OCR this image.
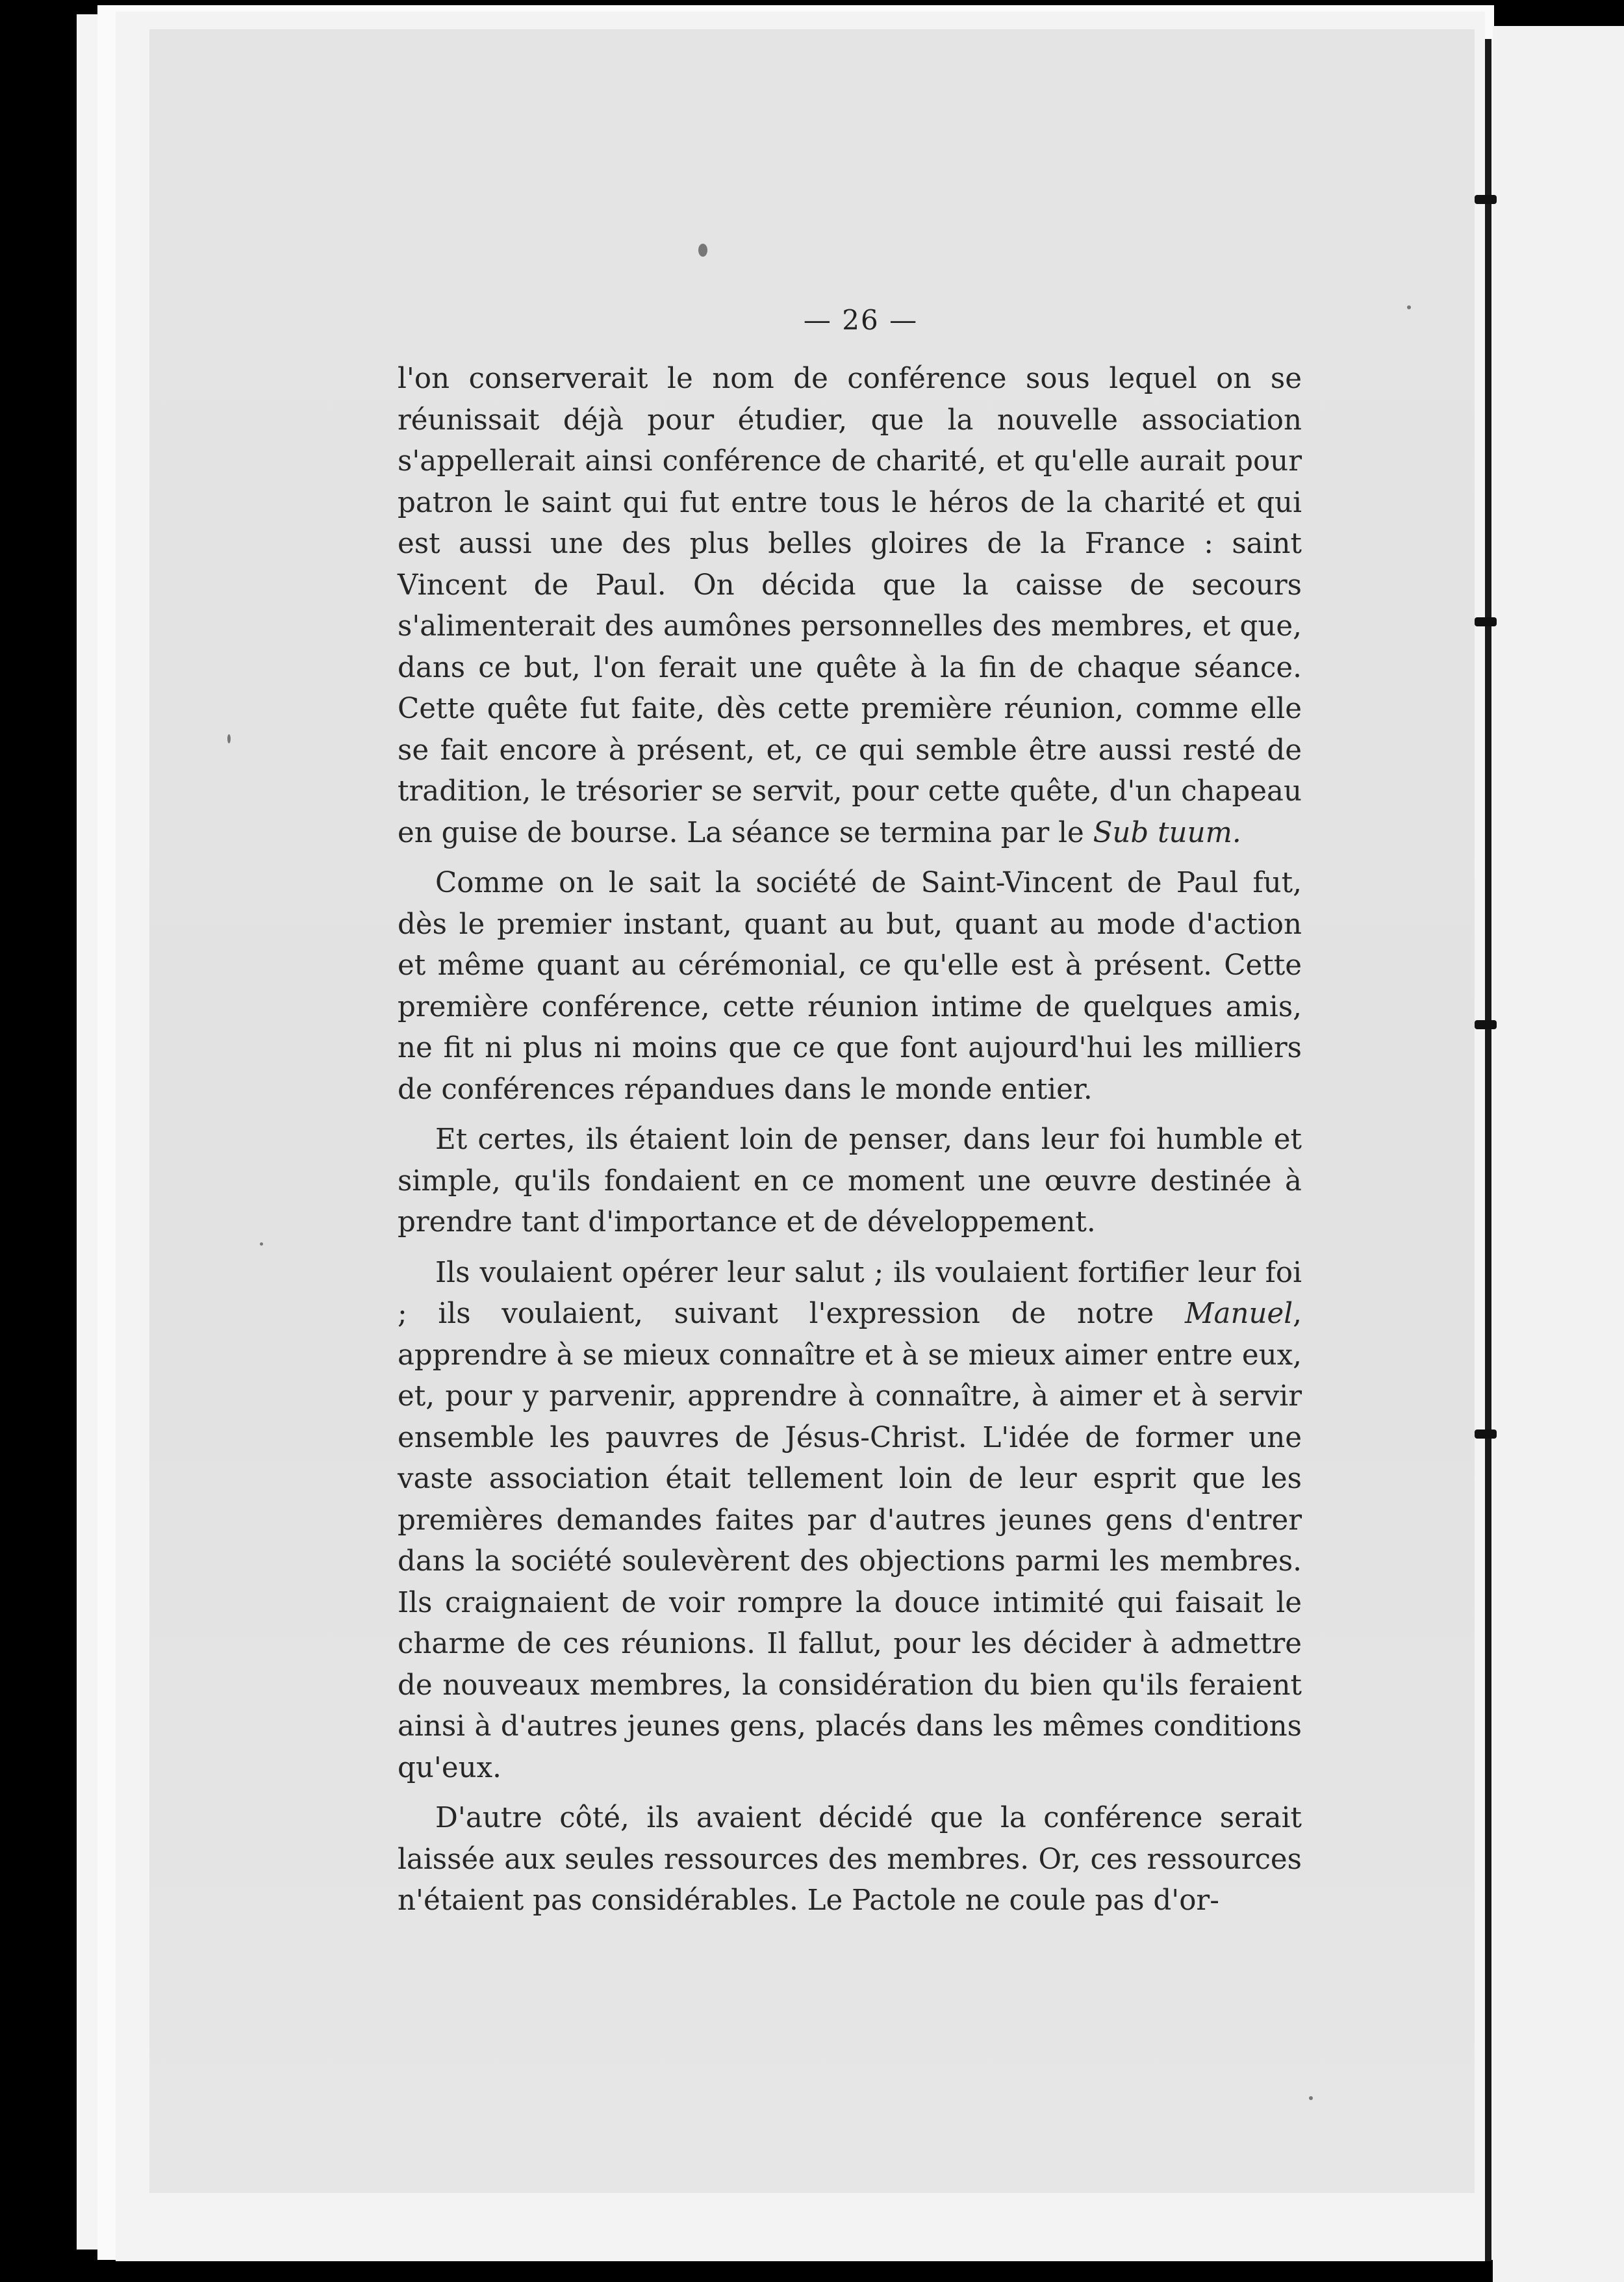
— 26 —

l'on conserverait le nom de conférence sous lequel on se réunissait déjà pour étudier, que la nouvelle association s'appellerait ainsi conférence de charité, et qu'elle aurait pour patron le saint qui fut entre tous le héros de la charité et qui est aussi une des plus belles gloires de la France : saint Vincent de Paul. On décida que la caisse de secours s'alimenterait des aumônes personnelles des membres, et que, dans ce but, l'on ferait une quête à la fin de chaque séance. Cette quête fut faite, dès cette première réunion, comme elle se fait encore à présent, et, ce qui semble être aussi resté de tradition, le trésorier se servit, pour cette quête, d'un chapeau en guise de bourse. La séance se termina par le Sub tuum.

Comme on le sait la société de Saint-Vincent de Paul fut, dès le premier instant, quant au but, quant au mode d'action et même quant au cérémonial, ce qu'elle est à présent. Cette première conférence, cette réunion intime de quelques amis, ne fit ni plus ni moins que ce que font aujourd'hui les milliers de conférences répandues dans le monde entier.

Et certes, ils étaient loin de penser, dans leur foi humble et simple, qu'ils fondaient en ce moment une œuvre destinée à prendre tant d'importance et de développement.

Ils voulaient opérer leur salut ; ils voulaient fortifier leur foi ; ils voulaient, suivant l'expression de notre Manuel, apprendre à se mieux connaître et à se mieux aimer entre eux, et, pour y parvenir, apprendre à connaître, à aimer et à servir ensemble les pauvres de Jésus-Christ. L'idée de former une vaste association était tellement loin de leur esprit que les premières demandes faites par d'autres jeunes gens d'entrer dans la société soulevèrent des objections parmi les membres. Ils craignaient de voir rompre la douce intimité qui faisait le charme de ces réunions. Il fallut, pour les décider à admettre de nouveaux membres, la considération du bien qu'ils feraient ainsi à d'autres jeunes gens, placés dans les mêmes conditions qu'eux.

D'autre côté, ils avaient décidé que la conférence serait laissée aux seules ressources des membres. Or, ces ressources n'étaient pas considérables. Le Pactole ne coule pas d'or-
